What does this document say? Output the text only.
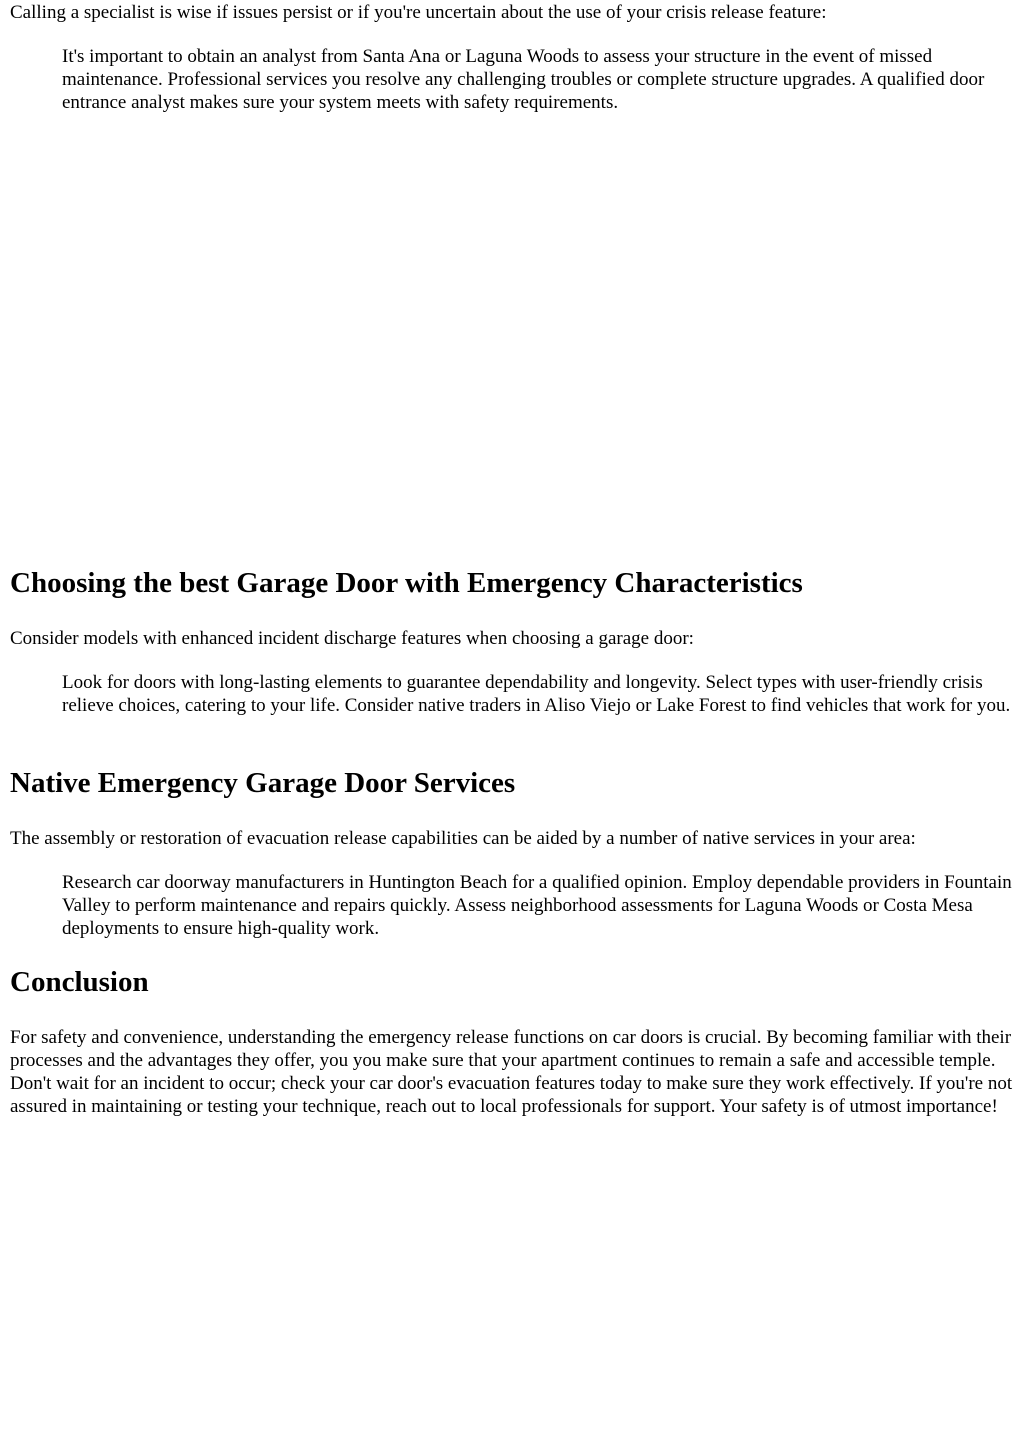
Calling a specialist is wise if issues persist or if you're uncertain about the use of your crisis release feature:

It's important to obtain an analyst from Santa Ana or Laguna Woods to assess your structure in the event of missed maintenance. Professional services you resolve any challenging troubles or complete structure upgrades. A qualified door entrance analyst makes sure your system meets with safety requirements.

Choosing the best Garage Door with Emergency Characteristics

Consider models with enhanced incident discharge features when choosing a garage door:

Look for doors with long-lasting elements to guarantee dependability and longevity. Select types with user-friendly crisis relieve choices, catering to your life. Consider native traders in Aliso Viejo or Lake Forest to find vehicles that work for you.

Native Emergency Garage Door Services

The assembly or restoration of evacuation release capabilities can be aided by a number of native services in your area:

Research car doorway manufacturers in Huntington Beach for a qualified opinion. Employ dependable providers in Fountain Valley to perform maintenance and repairs quickly. Assess neighborhood assessments for Laguna Woods or Costa Mesa deployments to ensure high-quality work.

Conclusion

For safety and convenience, understanding the emergency release functions on car doors is crucial. By becoming familiar with their processes and the advantages they offer, you you make sure that your apartment continues to remain a safe and accessible temple. Don't wait for an incident to occur; check your car door's evacuation features today to make sure they work effectively. If you're not assured in maintaining or testing your technique, reach out to local professionals for support. Your safety is of utmost importance!
